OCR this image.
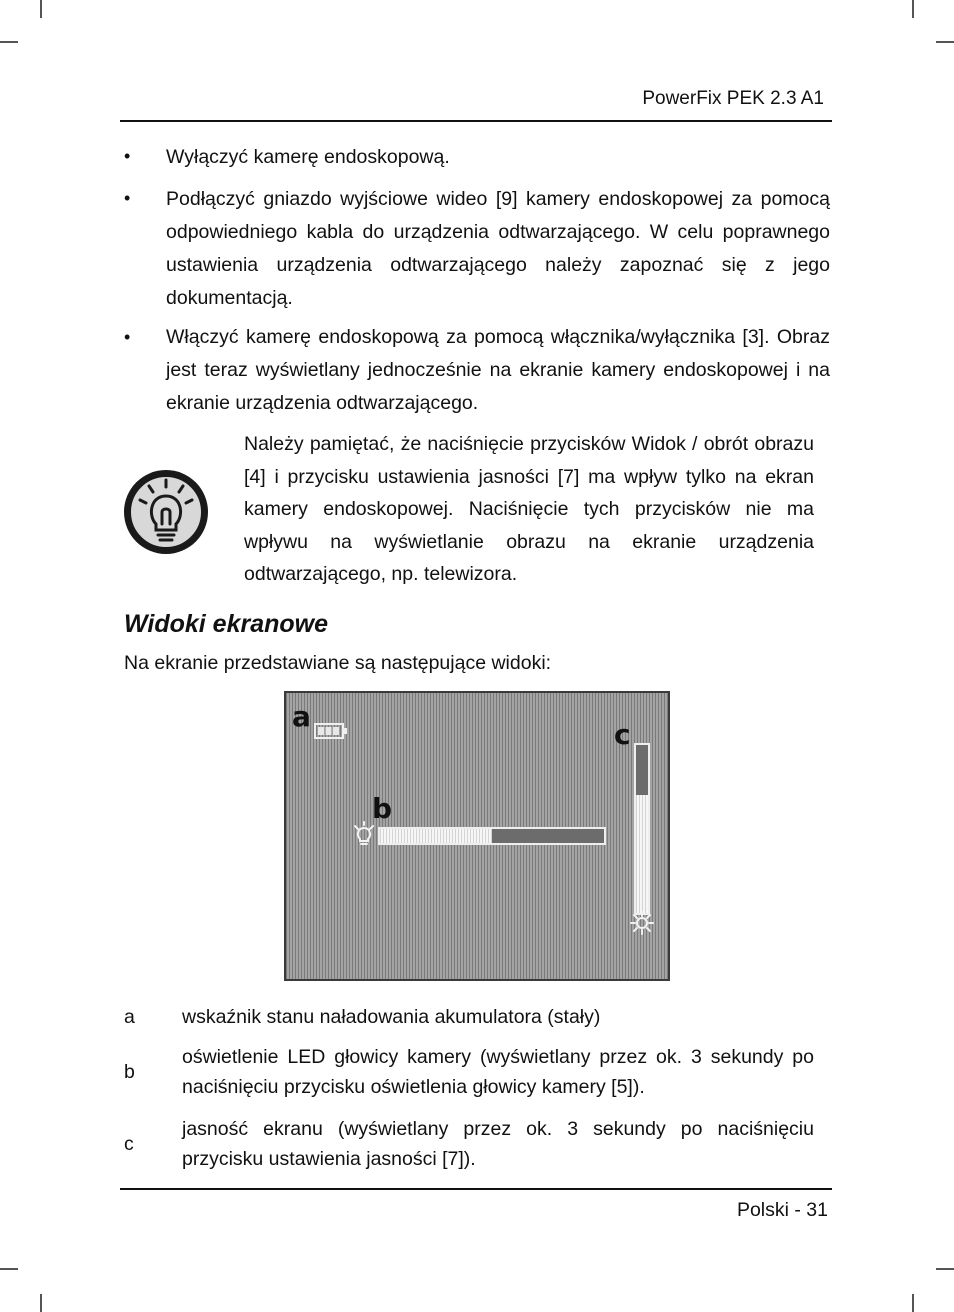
PowerFix PEK 2.3 A1
• Wyłączyć kamerę endoskopową.
• Podłączyć gniazdo wyjściowe wideo [9] kamery endoskopowej za pomocą odpowiedniego kabla do urządzenia odtwarzającego. W celu poprawnego ustawienia urządzenia odtwarzającego należy zapoznać się z jego dokumentacją.
• Włączyć kamerę endoskopową za pomocą włącznika/wyłącznika [3]. Obraz jest teraz wyświetlany jednocześnie na ekranie kamery endoskopowej i na ekranie urządzenia odtwarzającego.
Należy pamiętać, że naciśnięcie przycisków Widok / obrót obrazu [4] i przycisku ustawienia jasności [7] ma wpływ tylko na ekran kamery endoskopowej. Naciśnięcie tych przycisków nie ma wpływu na wyświetlanie obrazu na ekranie urządzenia odtwarzającego, np. telewizora.
Widoki ekranowe
Na ekranie przedstawiane są następujące widoki:
a
b
c
a wskaźnik stanu naładowania akumulatora (stały)
b
oświetlenie LED głowicy kamery (wyświetlany przez ok. 3 sekundy po naciśnięciu przycisku oświetlenia głowicy kamery [5]).
c
jasność ekranu (wyświetlany przez ok. 3 sekundy po naciśnięciu przycisku ustawienia jasności [7]).
Polski - 31
